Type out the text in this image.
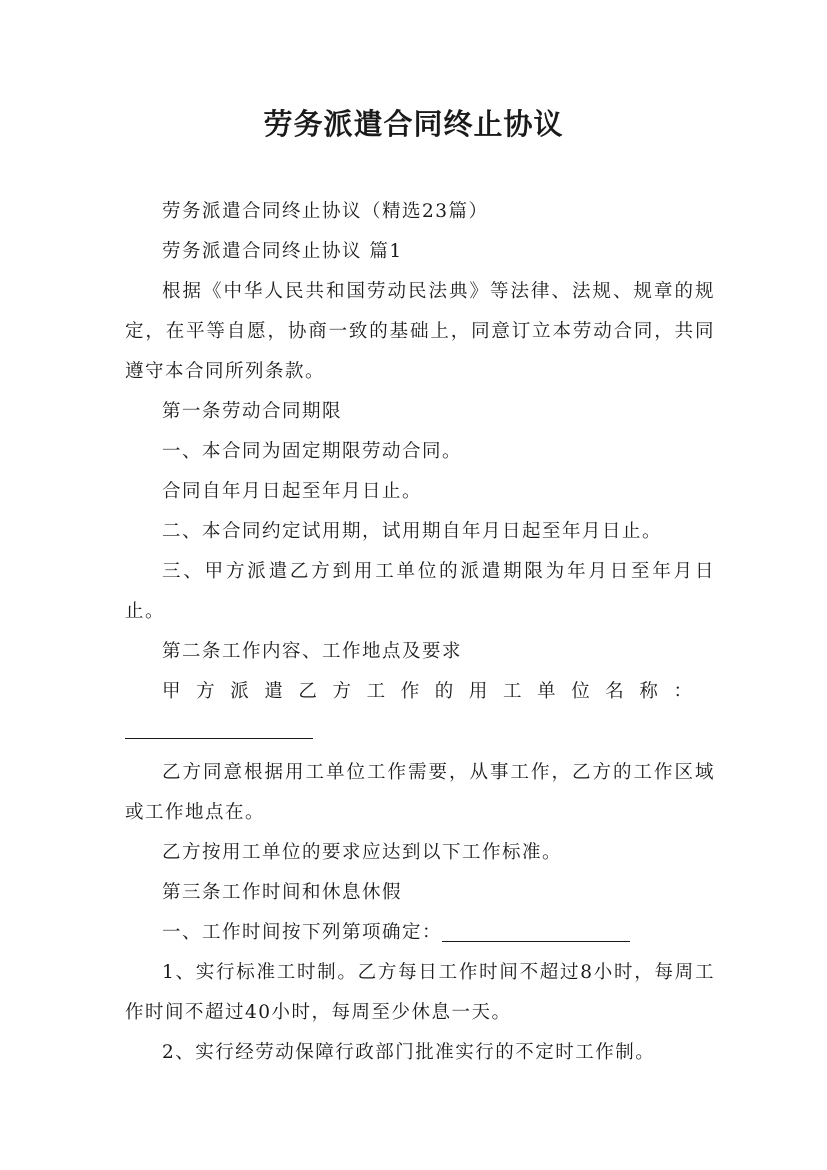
劳务派遣合同终止协议

劳务派遣合同终止协议（精选23篇）

劳务派遣合同终止协议 篇1

根据《中华人民共和国劳动民法典》等法律、法规、规章的规定，在平等自愿，协商一致的基础上，同意订立本劳动合同，共同遵守本合同所列条款。

第一条劳动合同期限

一、本合同为固定期限劳动合同。

合同自年月日起至年月日止。

二、本合同约定试用期，试用期自年月日起至年月日止。

三、甲方派遣乙方到用工单位的派遣期限为年月日至年月日止。

第二条工作内容、工作地点及要求

甲方派遣乙方工作的用工单位名称：

乙方同意根据用工单位工作需要，从事工作，乙方的工作区域或工作地点在。

乙方按用工单位的要求应达到以下工作标准。

第三条工作时间和休息休假

一、工作时间按下列第项确定：

1、实行标准工时制。乙方每日工作时间不超过8小时，每周工作时间不超过40小时，每周至少休息一天。

2、实行经劳动保障行政部门批准实行的不定时工作制。
